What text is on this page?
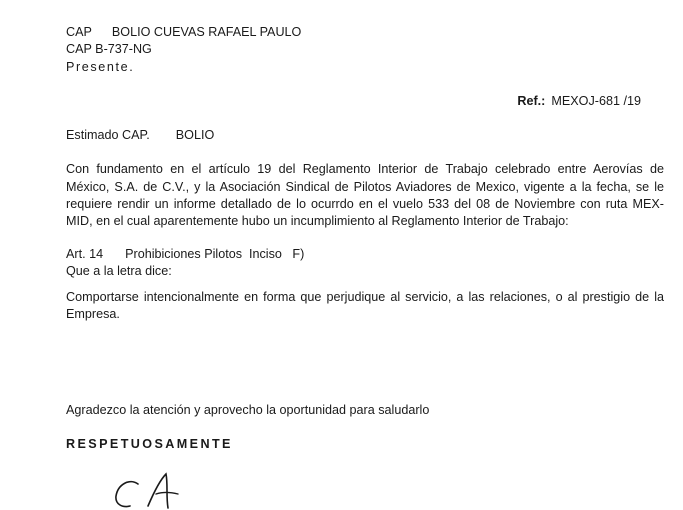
CAP BOLIO CUEVAS RAFAEL PAULO
CAP B-737-NG
Presente.
Ref.: MEXOJ-681 /19
Estimado CAP. BOLIO
Con fundamento en el artículo 19 del Reglamento Interior de Trabajo celebrado entre Aerovías de
México, S.A. de C.V., y la Asociación Sindical de Pilotos Aviadores de Mexico, vigente a la fecha, se le
requiere rendir un informe detallado de lo ocurrdo en el vuelo 533 del 08 de Noviembre con ruta MEX-
MID, en el cual aparentemente hubo un incumplimiento al Reglamento Interior de Trabajo:
Art. 14 Prohibiciones Pilotos  Inciso   F)
Que a la letra dice:
Comportarse intencionalmente en forma que perjudique al servicio, a las relaciones, o al prestigio de la
Empresa.
Agradezco la atención y aprovecho la oportunidad para saludarlo
RESPETUOSAMENTE
